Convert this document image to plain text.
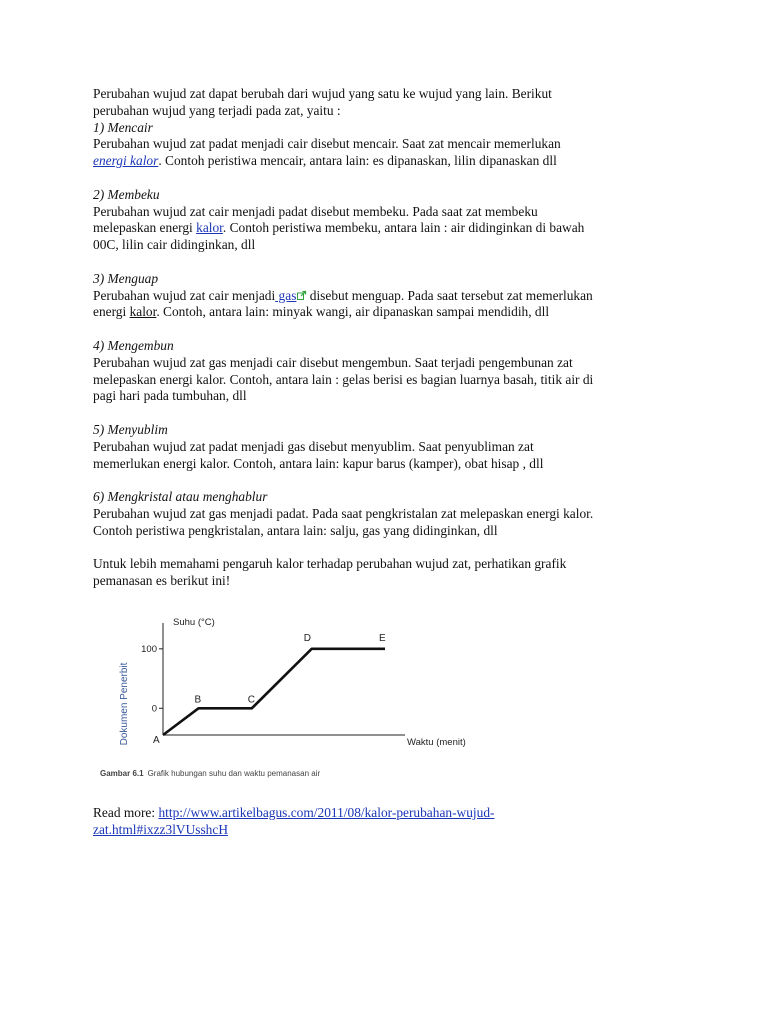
Perubahan wujud zat dapat berubah dari wujud yang satu ke wujud yang lain. Berikut

perubahan wujud yang terjadi pada zat, yaitu :

1) Mencair

Perubahan wujud zat padat menjadi cair disebut mencair. Saat zat mencair memerlukan

energi kalor. Contoh peristiwa mencair, antara lain: es dipanaskan, lilin dipanaskan dll

2) Membeku

Perubahan wujud zat cair menjadi padat disebut membeku. Pada saat zat membeku

melepaskan energi kalor. Contoh peristiwa membeku, antara lain : air didinginkan di bawah

00C, lilin cair didinginkan, dll

3) Menguap

Perubahan wujud zat cair menjadi gas disebut menguap. Pada saat tersebut zat memerlukan

energi kalor. Contoh, antara lain: minyak wangi, air dipanaskan sampai mendidih, dll

4) Mengembun

Perubahan wujud zat gas menjadi cair disebut mengembun. Saat terjadi pengembunan zat

melepaskan energi kalor. Contoh, antara lain : gelas berisi es bagian luarnya basah, titik air di

pagi hari pada tumbuhan, dll

5) Menyublim

Perubahan wujud zat padat menjadi gas disebut menyublim. Saat penyubliman zat

memerlukan energi kalor. Contoh, antara lain: kapur barus (kamper), obat hisap , dll

6) Mengkristal atau menghablur

Perubahan wujud zat gas menjadi padat. Pada saat pengkristalan zat melepaskan energi kalor.

Contoh peristiwa pengkristalan, antara lain: salju, gas yang didinginkan, dll

Untuk lebih memahami pengaruh kalor terhadap perubahan wujud zat, perhatikan grafik

pemanasan es berikut ini!

Dokumen Penerbit
Suhu (°C)
Waktu (menit)
100
0
A
B	C
D	E
Gambar 6.1 Grafik hubungan suhu dan waktu pemanasan air
Read more: http://www.artikelbagus.com/2011/08/kalor-perubahan-wujud-
zat.html#ixzz3lVUsshcH
